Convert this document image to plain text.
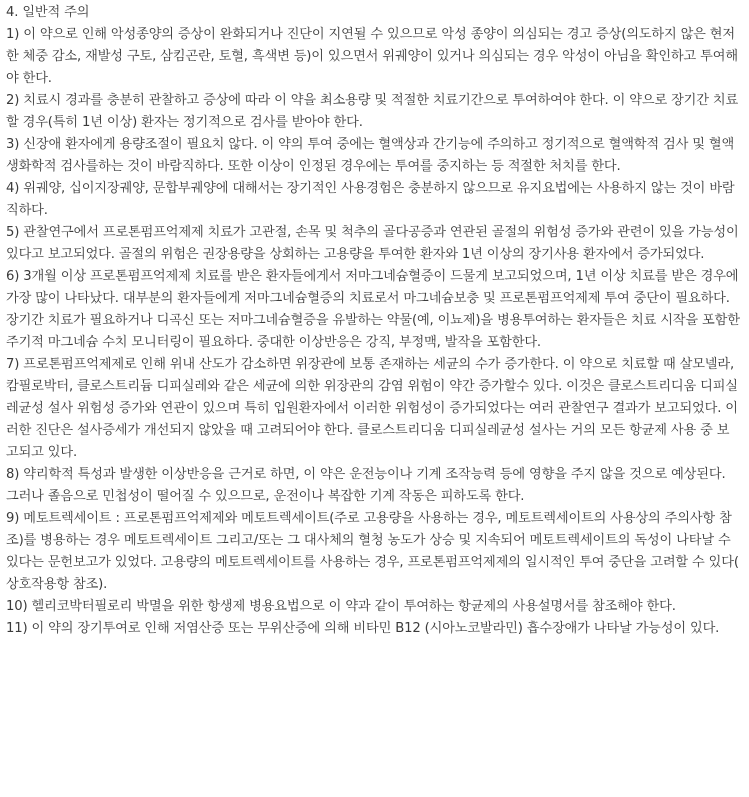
4. 일반적 주의

1) 이 약으로 인해 악성종양의 증상이 완화되거나 진단이 지연될 수 있으므로 악성 종양이 의심되는 경고 증상(의도하지 않은 현저한 체중 감소, 재발성 구토, 삼킴곤란, 토혈, 흑색변 등)이 있으면서 위궤양이 있거나 의심되는 경우 악성이 아님을 확인하고 투여해야 한다.

2) 치료시 경과를 충분히 관찰하고 증상에 따라 이 약을 최소용량 및 적절한 치료기간으로 투여하여야 한다. 이 약으로 장기간 치료할 경우(특히 1년 이상) 환자는 정기적으로 검사를 받아야 한다.

3) 신장애 환자에게 용량조절이 필요치 않다. 이 약의 투여 중에는 혈액상과 간기능에 주의하고 정기적으로 혈액학적 검사 및 혈액생화학적 검사를하는 것이 바람직하다. 또한 이상이 인정된 경우에는 투여를 중지하는 등 적절한 처치를 한다.

4) 위궤양, 십이지장궤양, 문합부궤양에 대해서는 장기적인 사용경험은 충분하지 않으므로 유지요법에는 사용하지 않는 것이 바람직하다.

5) 관찰연구에서 프로톤펌프억제제 치료가 고관절, 손목 및 척추의 골다공증과 연관된 골절의 위험성 증가와 관련이 있을 가능성이 있다고 보고되었다. 골절의 위험은 권장용량을 상회하는 고용량을 투여한 환자와 1년 이상의 장기사용 환자에서 증가되었다.

6) 3개월 이상 프로톤펌프억제제 치료를 받은 환자들에게서 저마그네슘혈증이 드물게 보고되었으며, 1년 이상 치료를 받은 경우에 가장 많이 나타났다. 대부분의 환자들에게 저마그네슘혈증의 치료로서 마그네슘보충 및 프로톤펌프억제제 투여 중단이 필요하다. 장기간 치료가 필요하거나 디곡신 또는 저마그네슘혈증을 유발하는 약물(예, 이뇨제)을 병용투여하는 환자들은 치료 시작을 포함한 주기적 마그네슘 수치 모니터링이 필요하다. 중대한 이상반응은 강직, 부정맥, 발작을 포함한다.

7) 프로톤펌프억제제로 인해 위내 산도가 감소하면 위장관에 보통 존재하는 세균의 수가 증가한다. 이 약으로 치료할 때 살모넬라, 캄필로박터, 클로스트리듐 디피실레와 같은 세균에 의한 위장관의 감염 위험이 약간 증가할수 있다. 이것은 클로스트리디움 디피실레균성 설사 위험성 증가와 연관이 있으며 특히 입원환자에서 이러한 위험성이 증가되었다는 여러 관찰연구 결과가 보고되었다. 이러한 진단은 설사증세가 개선되지 않았을 때 고려되어야 한다. 클로스트리디움 디피실레균성 설사는 거의 모든 항균제 사용 중 보고되고 있다.

8) 약리학적 특성과 발생한 이상반응을 근거로 하면, 이 약은 운전능이나 기계 조작능력 등에 영향을 주지 않을 것으로 예상된다. 그러나 졸음으로 민첩성이 떨어질 수 있으므로, 운전이나 복잡한 기계 작동은 피하도록 한다.

9) 메토트렉세이트 : 프로톤펌프억제제와 메토트렉세이트(주로 고용량을 사용하는 경우, 메토트렉세이트의 사용상의 주의사항 참조)를 병용하는 경우 메토트렉세이트 그리고/또는 그 대사체의 혈청 농도가 상승 및 지속되어 메토트렉세이트의 독성이 나타날 수 있다는 문헌보고가 있었다. 고용량의 메토트렉세이트를 사용하는 경우, 프로톤펌프억제제의 일시적인 투여 중단을 고려할 수 있다(상호작용항 참조).

10) 헬리코박터필로리 박멸을 위한 항생제 병용요법으로 이 약과 같이 투여하는 항균제의 사용설명서를 참조해야 한다.

11) 이 약의 장기투여로 인해 저염산증 또는 무위산증에 의해 비타민 B12 (시아노코발라민) 흡수장애가 나타날 가능성이 있다.
